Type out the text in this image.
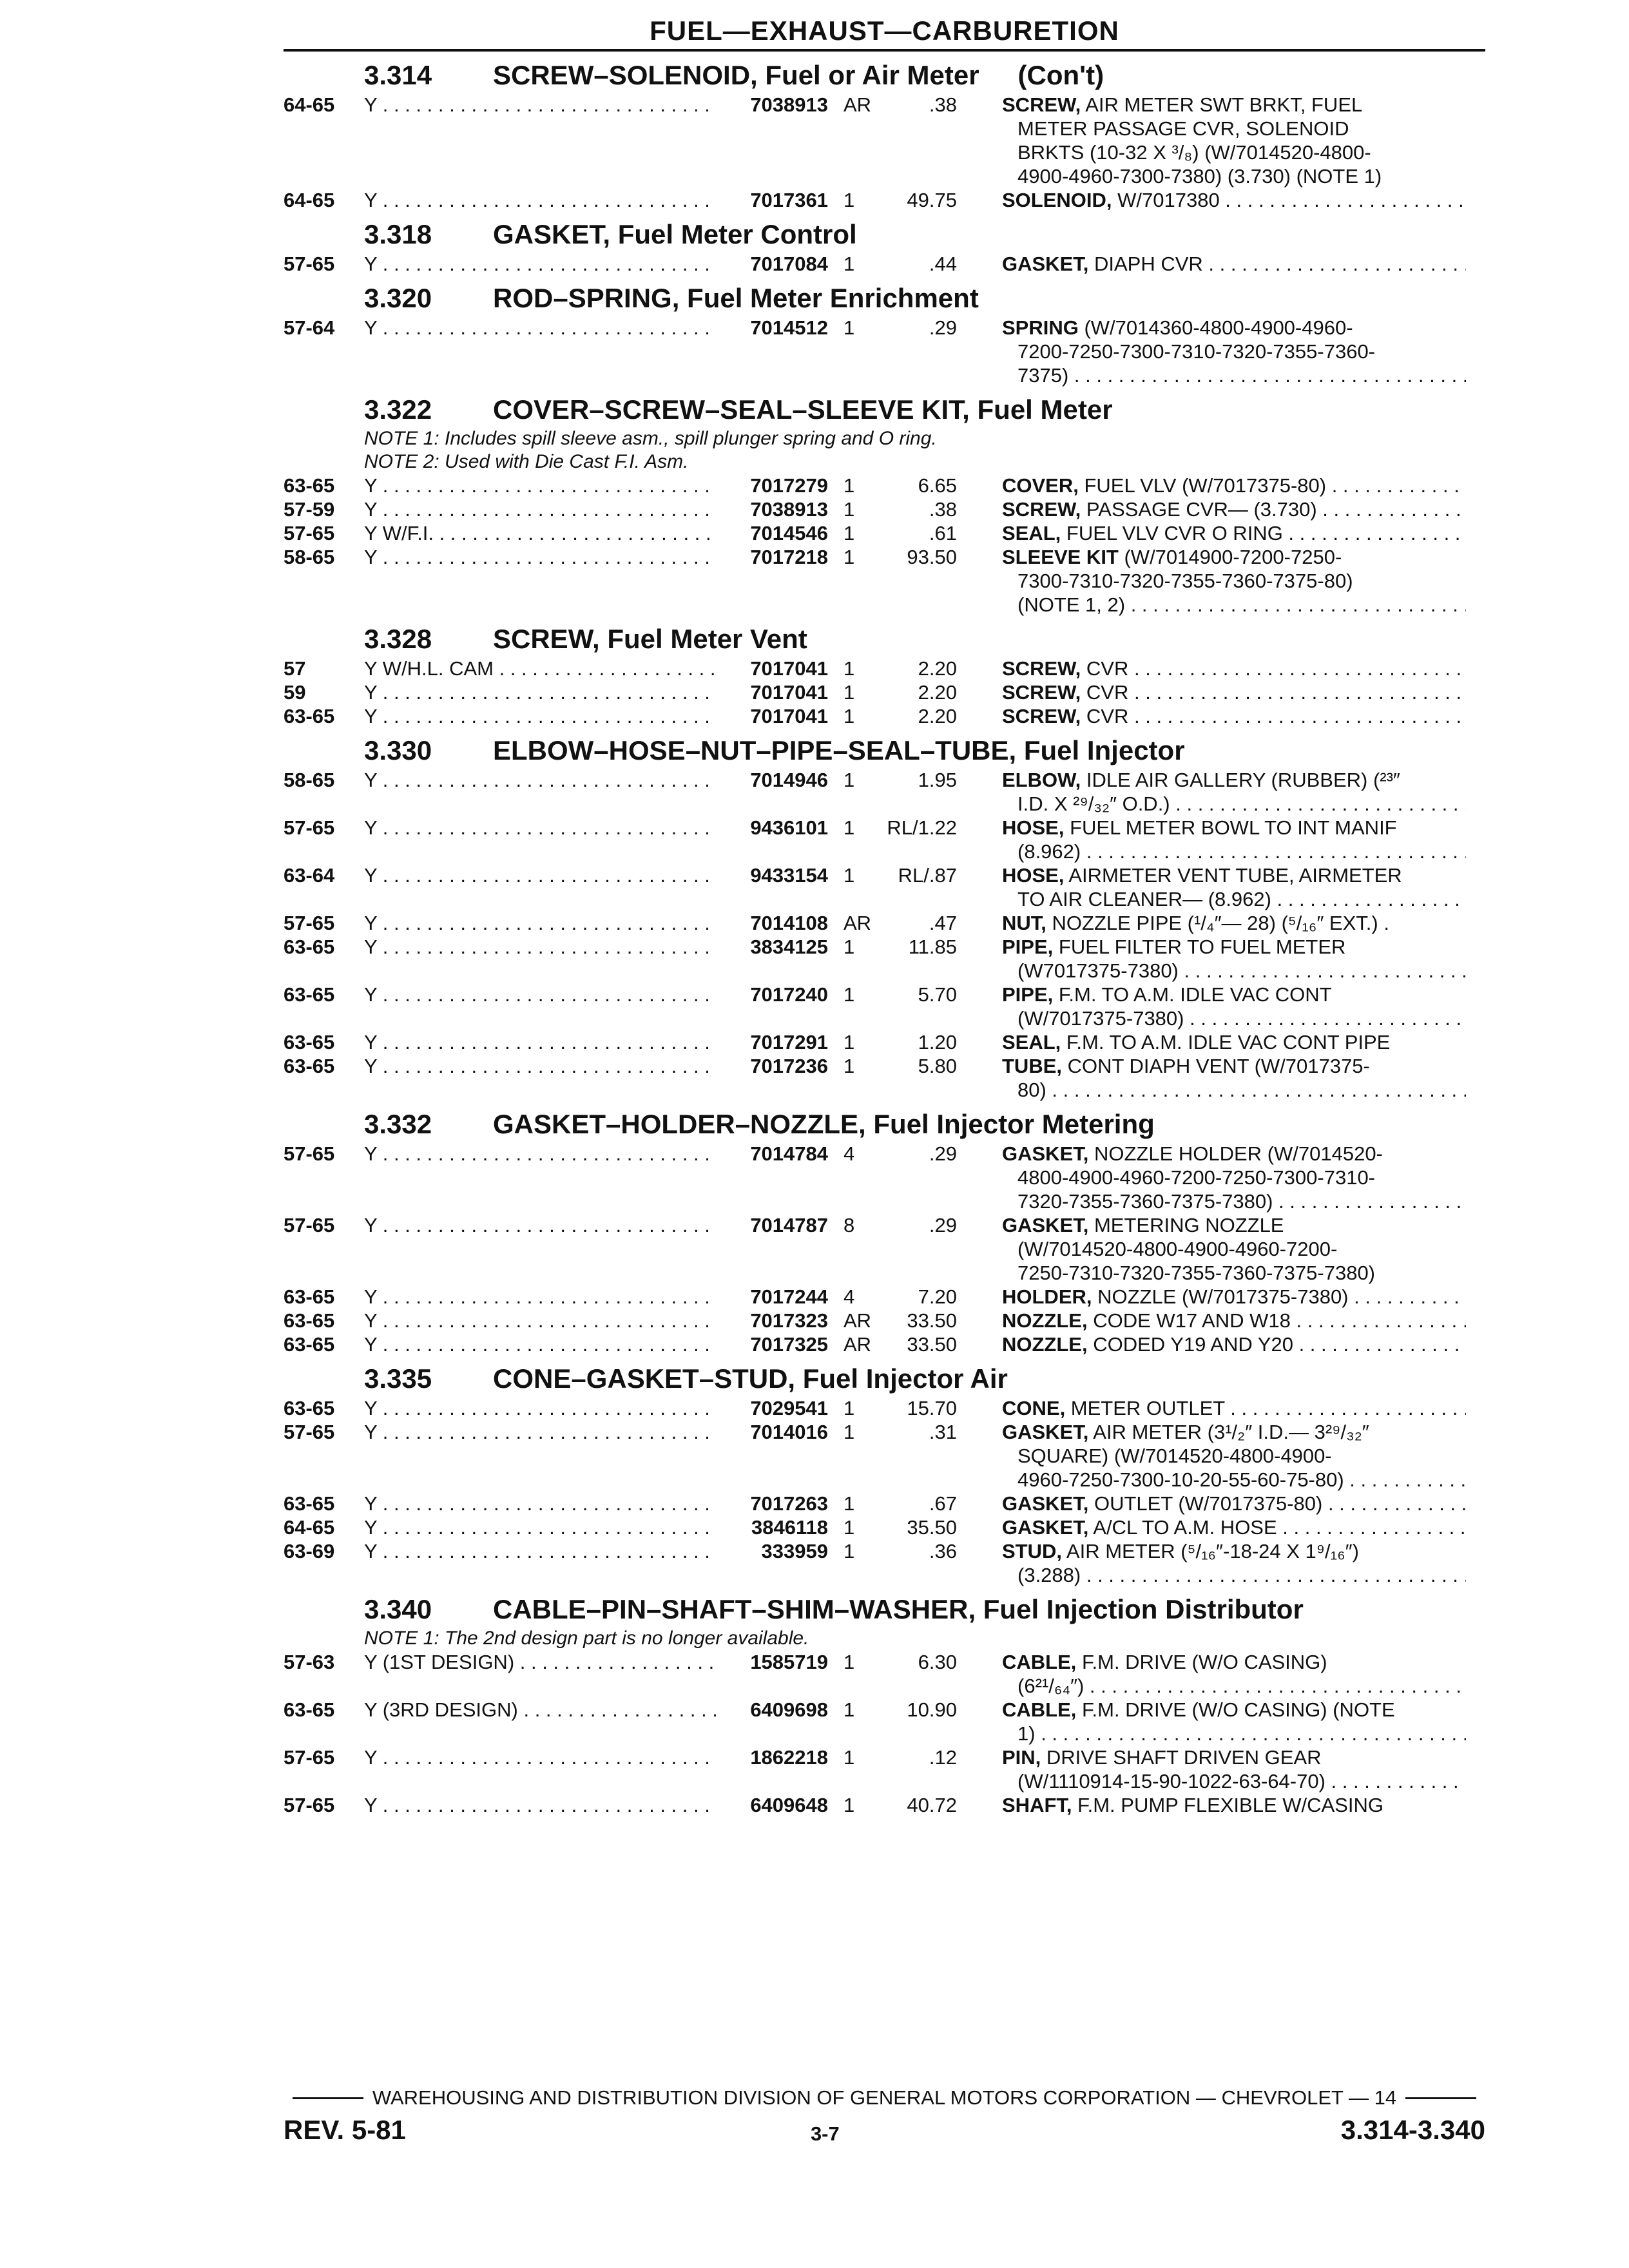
FUEL—EXHAUST—CARBURETION
3.314 SCREW–SOLENOID, Fuel or Air Meter (Con't)
64-65	Y . . .	7038913 AR	.38 SCREW, AIR METER SWT BRKT, FUEL
METER PASSAGE CVR, SOLENOID
BRKTS (10-32 X ³/₈) (W/7014520-4800-
4900-4960-7300-7380) (3.730) (NOTE 1)
64-65	Y . . .	7017361 1	49.75 SOLENOID, W/7017380 . . .
3.318 GASKET, Fuel Meter Control
57-65	Y . . .	7017084 1	.44 GASKET, DIAPH CVR . . .
3.320 ROD–SPRING, Fuel Meter Enrichment
57-64	Y . . .	7014512 1	.29 SPRING (W/7014360-4800-4900-4960-
7200-7250-7300-7310-7320-7355-7360-
7375) . . .
3.322 COVER–SCREW–SEAL–SLEEVE KIT, Fuel Meter
NOTE 1: Includes spill sleeve asm., spill plunger spring and O ring.
NOTE 2: Used with Die Cast F.I. Asm.
63-65	Y . . .	7017279 1	6.65 COVER, FUEL VLV (W/7017375-80) . . .
57-59	Y . . .	7038913 1	.38 SCREW, PASSAGE CVR— (3.730) . . .
57-65	Y W/F.I. . . .	7014546 1	.61 SEAL, FUEL VLV CVR O RING . . .
58-65	Y . . .	7017218 1	93.50 SLEEVE KIT (W/7014900-7200-7250-
7300-7310-7320-7355-7360-7375-80)
(NOTE 1, 2) . . .
3.328 SCREW, Fuel Meter Vent
57	Y W/H.L. CAM . . .	7017041 1	2.20 SCREW, CVR . . .
59	Y . . .	7017041 1	2.20 SCREW, CVR . . .
63-65	Y . . .	7017041 1	2.20 SCREW, CVR . . .
3.330 ELBOW–HOSE–NUT–PIPE–SEAL–TUBE, Fuel Injector
58-65	Y . . .	7014946 1	1.95 ELBOW, IDLE AIR GALLERY (RUBBER) (²³″
I.D. X ²⁹/₃₂″ O.D.) . . .
57-65	Y . . .	9436101 1	RL/1.22 HOSE, FUEL METER BOWL TO INT MANIF
(8.962) . . .
63-64	Y . . .	9433154 1	RL/.87 HOSE, AIRMETER VENT TUBE, AIRMETER
TO AIR CLEANER— (8.962) . . .
57-65	Y . . .	7014108 AR	.47 NUT, NOZZLE PIPE (¹/₄″— 28) (⁵/₁₆″ EXT.) .
63-65	Y . . .	3834125 1	11.85 PIPE, FUEL FILTER TO FUEL METER
(W7017375-7380) . . .
63-65	Y . . .	7017240 1	5.70 PIPE, F.M. TO A.M. IDLE VAC CONT
(W/7017375-7380) . . .
63-65	Y . . .	7017291 1	1.20 SEAL, F.M. TO A.M. IDLE VAC CONT PIPE
63-65	Y . . .	7017236 1	5.80 TUBE, CONT DIAPH VENT (W/7017375-
80) . . .
3.332 GASKET–HOLDER–NOZZLE, Fuel Injector Metering
57-65	Y . . .	7014784 4	.29 GASKET, NOZZLE HOLDER (W/7014520-
4800-4900-4960-7200-7250-7300-7310-
7320-7355-7360-7375-7380) . . .
57-65	Y . . .	7014787 8	.29 GASKET, METERING NOZZLE
(W/7014520-4800-4900-4960-7200-
7250-7310-7320-7355-7360-7375-7380)
63-65	Y . . .	7017244 4	7.20 HOLDER, NOZZLE (W/7017375-7380) . . .
63-65	Y . . .	7017323 AR	33.50 NOZZLE, CODE W17 AND W18 . . .
63-65	Y . . .	7017325 AR	33.50 NOZZLE, CODED Y19 AND Y20 . . .
3.335 CONE–GASKET–STUD, Fuel Injector Air
63-65	Y . . .	7029541 1	15.70 CONE, METER OUTLET . . .
57-65	Y . . .	7014016 1	.31 GASKET, AIR METER (3¹/₂″ I.D.— 3²⁹/₃₂″
SQUARE) (W/7014520-4800-4900-
4960-7250-7300-10-20-55-60-75-80) . . .
63-65	Y . . .	7017263 1	.67 GASKET, OUTLET (W/7017375-80) . . .
64-65	Y . . .	3846118 1	35.50 GASKET, A/CL TO A.M. HOSE . . .
63-69	Y . . .	333959 1	.36 STUD, AIR METER (⁵/₁₆″-18-24 X 1⁹/₁₆″)
(3.288) . . .
3.340 CABLE–PIN–SHAFT–SHIM–WASHER, Fuel Injection Distributor
NOTE 1: The 2nd design part is no longer available.
57-63	Y (1ST DESIGN) . . .	1585719 1	6.30 CABLE, F.M. DRIVE (W/O CASING)
(6²¹/₆₄″) . . .
63-65	Y (3RD DESIGN) . . .	6409698 1	10.90 CABLE, F.M. DRIVE (W/O CASING) (NOTE
1) . . .
57-65	Y . . .	1862218 1	.12 PIN, DRIVE SHAFT DRIVEN GEAR
(W/1110914-15-90-1022-63-64-70) . . .
57-65	Y . . .	6409648 1	40.72 SHAFT, F.M. PUMP FLEXIBLE W/CASING
WAREHOUSING AND DISTRIBUTION DIVISION OF GENERAL MOTORS CORPORATION — CHEVROLET — 14
REV. 5-81	3-7	3.314-3.340
